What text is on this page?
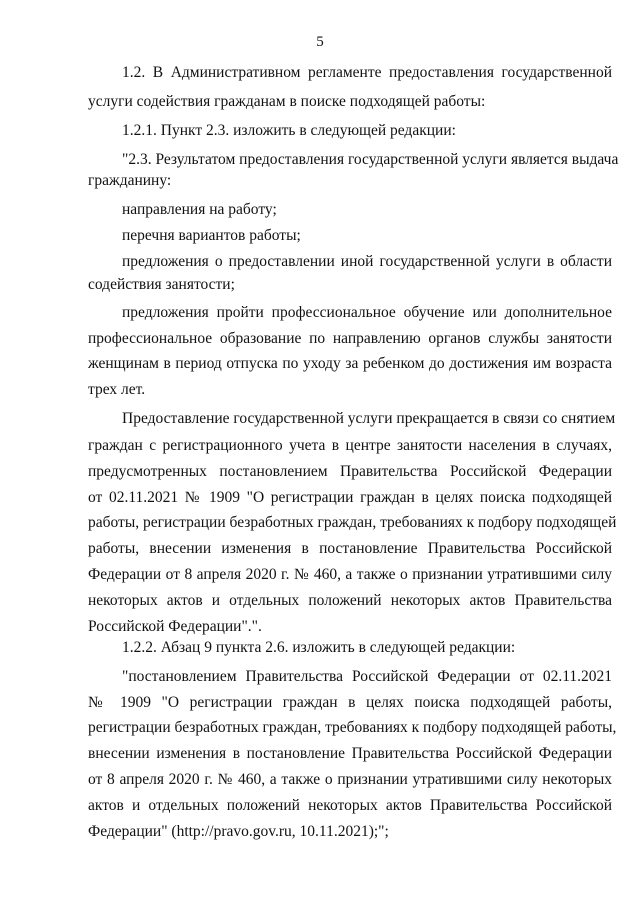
5
1.2. В Административном регламенте предоставления государственной
услуги содействия гражданам в поиске подходящей работы:
1.2.1. Пункт 2.3. изложить в следующей редакции:
"2.3. Результатом предоставления государственной услуги является выдача
гражданину:
направления на работу;
перечня вариантов работы;
предложения о предоставлении иной государственной услуги в области
содействия занятости;
предложения пройти профессиональное обучение или дополнительное
профессиональное образование по направлению органов службы занятости
женщинам в период отпуска по уходу за ребенком до достижения им возраста
трех лет.
Предоставление государственной услуги прекращается в связи со снятием
граждан с регистрационного учета в центре занятости населения в случаях,
предусмотренных постановлением Правительства Российской Федерации
от 02.11.2021 № 1909 "О регистрации граждан в целях поиска подходящей
работы, регистрации безработных граждан, требованиях к подбору подходящей
работы, внесении изменения в постановление Правительства Российской
Федерации от 8 апреля 2020 г. № 460, а также о признании утратившими силу
некоторых актов и отдельных положений некоторых актов Правительства
Российской Федерации".".
1.2.2. Абзац 9 пункта 2.6. изложить в следующей редакции:
"постановлением Правительства Российской Федерации от 02.11.2021
№ 1909 "О регистрации граждан в целях поиска подходящей работы,
регистрации безработных граждан, требованиях к подбору подходящей работы,
внесении изменения в постановление Правительства Российской Федерации
от 8 апреля 2020 г. № 460, а также о признании утратившими силу некоторых
актов и отдельных положений некоторых актов Правительства Российской
Федерации" (http://pravo.gov.ru, 10.11.2021);";
